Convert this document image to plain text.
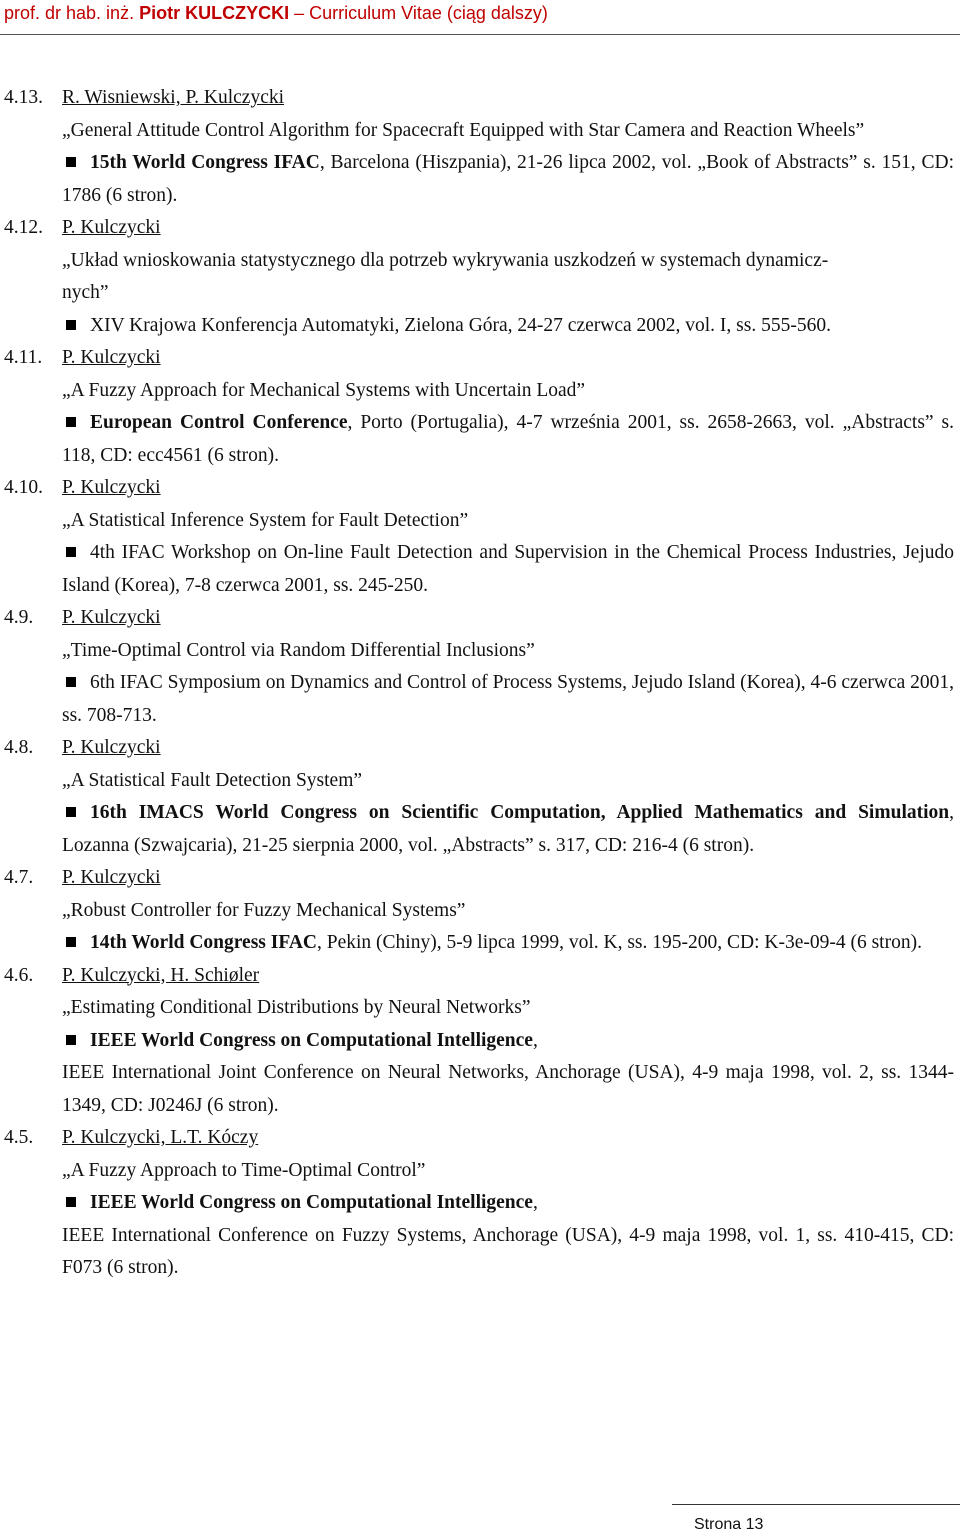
prof. dr hab. inż. Piotr KULCZYCKI – Curriculum Vitae (ciąg dalszy)
4.13. R. Wisniewski, P. Kulczycki
„General Attitude Control Algorithm for Spacecraft Equipped with Star Camera and Reaction Wheels”
15th World Congress IFAC, Barcelona (Hiszpania), 21-26 lipca 2002, vol. „Book of Abstracts” s. 151, CD: 1786 (6 stron).
4.12. P. Kulczycki
„Układ wnioskowania statystycznego dla potrzeb wykrywania uszkodzeń w systemach dynamicz-
nych”
XIV Krajowa Konferencja Automatyki, Zielona Góra, 24-27 czerwca 2002, vol. I, ss. 555-560.
4.11. P. Kulczycki
„A Fuzzy Approach for Mechanical Systems with Uncertain Load”
European Control Conference, Porto (Portugalia), 4-7 września 2001, ss. 2658-2663, vol. „Abstracts” s. 118, CD: ecc4561 (6 stron).
4.10. P. Kulczycki
„A Statistical Inference System for Fault Detection”
4th IFAC Workshop on On-line Fault Detection and Supervision in the Chemical Process Industries, Jejudo Island (Korea), 7-8 czerwca 2001, ss. 245-250.
4.9. P. Kulczycki
„Time-Optimal Control via Random Differential Inclusions”
6th IFAC Symposium on Dynamics and Control of Process Systems, Jejudo Island (Korea), 4-6 czerwca 2001, ss. 708-713.
4.8. P. Kulczycki
„A Statistical Fault Detection System”
16th IMACS World Congress on Scientific Computation, Applied Mathematics and Simulation, Lozanna (Szwajcaria), 21-25 sierpnia 2000, vol. „Abstracts” s. 317, CD: 216-4 (6 stron).
4.7. P. Kulczycki
„Robust Controller for Fuzzy Mechanical Systems”
14th World Congress IFAC, Pekin (Chiny), 5-9 lipca 1999, vol. K, ss. 195-200, CD: K-3e-09-4 (6 stron).
4.6. P. Kulczycki, H. Schiøler
„Estimating Conditional Distributions by Neural Networks”
IEEE World Congress on Computational Intelligence,
IEEE International Joint Conference on Neural Networks, Anchorage (USA), 4-9 maja 1998, vol. 2, ss. 1344-1349, CD: J0246J (6 stron).
4.5. P. Kulczycki, L.T. Kóczy
„A Fuzzy Approach to Time-Optimal Control”
IEEE World Congress on Computational Intelligence,
IEEE International Conference on Fuzzy Systems, Anchorage (USA), 4-9 maja 1998, vol. 1, ss. 410-415, CD: F073 (6 stron).
Strona 13
